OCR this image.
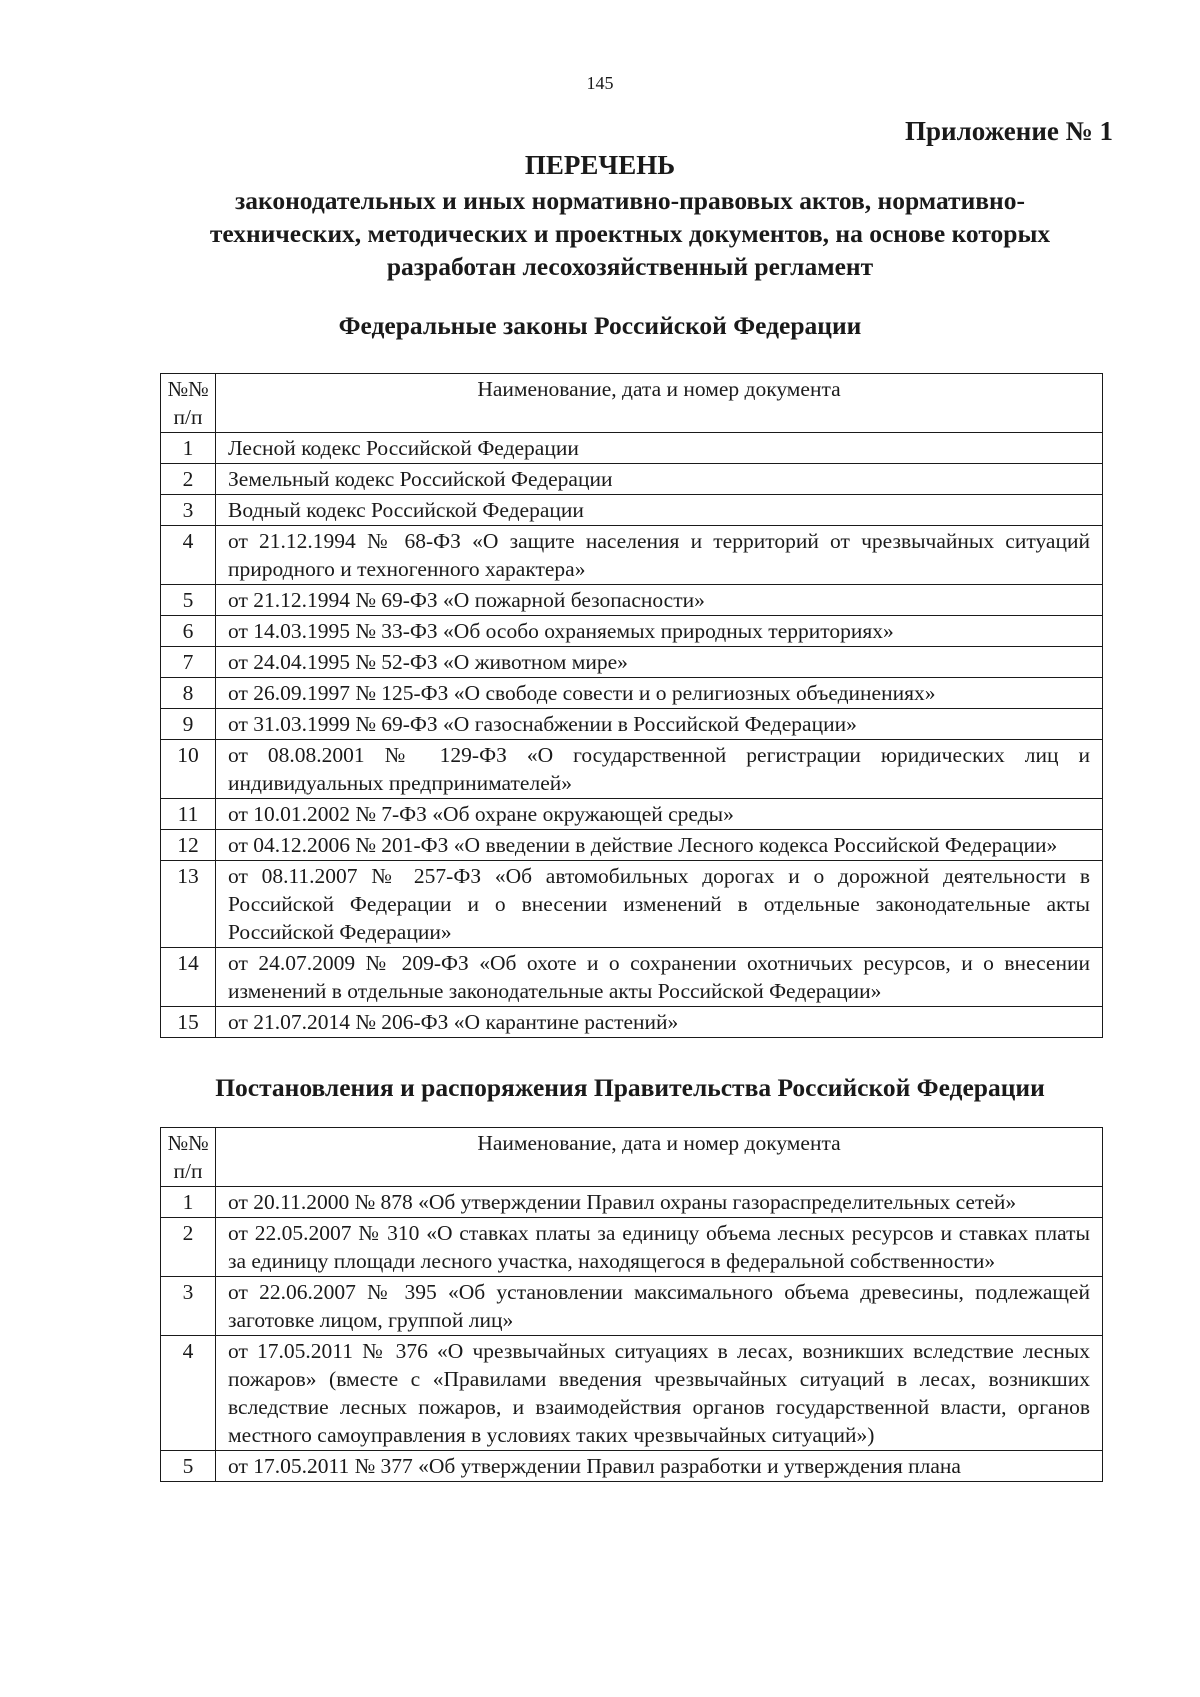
145
Приложение № 1
ПЕРЕЧЕНЬ
законодательных и иных нормативно-правовых актов, нормативно-технических, методических и проектных документов, на основе которых разработан лесохозяйственный регламент
Федеральные законы Российской Федерации
№№ п/п	Наименование, дата и номер документа
1	Лесной кодекс Российской Федерации
2	Земельный кодекс Российской Федерации
3	Водный кодекс Российской Федерации
4	от 21.12.1994 № 68-ФЗ «О защите населения и территорий от чрезвычайных ситуаций природного и техногенного характера»
5	от 21.12.1994 № 69-ФЗ «О пожарной безопасности»
6	от 14.03.1995 № 33-ФЗ «Об особо охраняемых природных территориях»
7	от 24.04.1995 № 52-ФЗ «О животном мире»
8	от 26.09.1997 № 125-ФЗ «О свободе совести и о религиозных объединениях»
9	от 31.03.1999 № 69-ФЗ «О газоснабжении в Российской Федерации»
10	от 08.08.2001 № 129-ФЗ «О государственной регистрации юридических лиц и индивидуальных предпринимателей»
11	от 10.01.2002 № 7-ФЗ «Об охране окружающей среды»
12	от 04.12.2006 № 201-ФЗ «О введении в действие Лесного кодекса Российской Федерации»
13	от 08.11.2007 № 257-ФЗ «Об автомобильных дорогах и о дорожной деятельности в Российской Федерации и о внесении изменений в отдельные законодательные акты Российской Федерации»
14	от 24.07.2009 № 209-ФЗ «Об охоте и о сохранении охотничьих ресурсов, и о внесении изменений в отдельные законодательные акты Российской Федерации»
15	от 21.07.2014 № 206-ФЗ «О карантине растений»
Постановления и распоряжения Правительства Российской Федерации
№№ п/п	Наименование, дата и номер документа
1	от 20.11.2000 № 878 «Об утверждении Правил охраны газораспределительных сетей»
2	от 22.05.2007 № 310 «О ставках платы за единицу объема лесных ресурсов и ставках платы за единицу площади лесного участка, находящегося в федеральной собственности»
3	от 22.06.2007 № 395 «Об установлении максимального объема древесины, подлежащей заготовке лицом, группой лиц»
4	от 17.05.2011 № 376 «О чрезвычайных ситуациях в лесах, возникших вследствие лесных пожаров» (вместе с «Правилами введения чрезвычайных ситуаций в лесах, возникших вследствие лесных пожаров, и взаимодействия органов государственной власти, органов местного самоуправления в условиях таких чрезвычайных ситуаций»)
5	от 17.05.2011 № 377 «Об утверждении Правил разработки и утверждения плана
